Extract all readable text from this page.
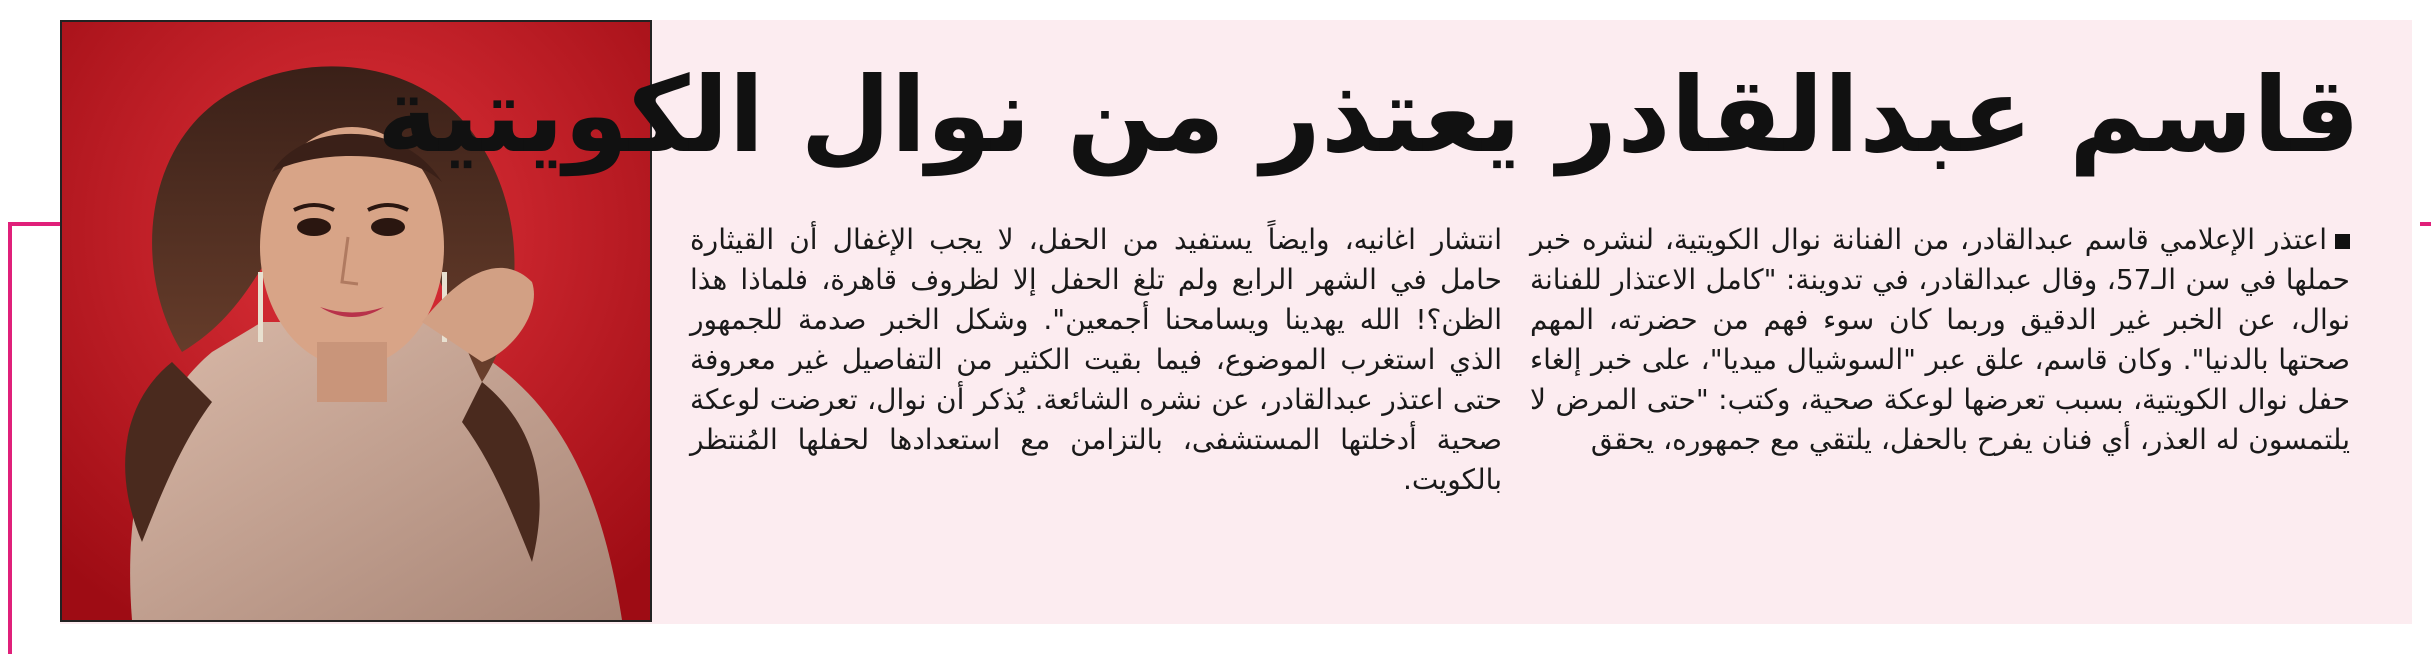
قاسم عبدالقادر يعتذر من نوال الكويتية

اعتذر الإعلامي قاسم عبدالقادر، من الفنانة نوال الكويتية، لنشره خبر حملها في سن الـ57، وقال عبدالقادر، في تدوينة: "كامل الاعتذار للفنانة نوال، عن الخبر غير الدقيق وربما كان سوء فهم من حضرته، المهم صحتها بالدنيا". وكان قاسم، علق عبر "السوشيال ميديا"، على خبر إلغاء حفل نوال الكويتية، بسبب تعرضها لوعكة صحية، وكتب: "حتى المرض لا يلتمسون له العذر، أي فنان يفرح بالحفل، يلتقي مع جمهوره، يحقق

انتشار اغانيه، وايضاً يستفيد من الحفل، لا يجب الإغفال أن القيثارة حامل في الشهر الرابع ولم تلغ الحفل إلا لظروف قاهرة، فلماذا هذا الظن؟! الله يهدينا ويسامحنا أجمعين". وشكل الخبر صدمة للجمهور الذي استغرب الموضوع، فيما بقيت الكثير من التفاصيل غير معروفة حتى اعتذر عبدالقادر، عن نشره الشائعة. يُذكر أن نوال، تعرضت لوعكة صحية أدخلتها المستشفى، بالتزامن مع استعدادها لحفلها المُنتظر بالكويت.
